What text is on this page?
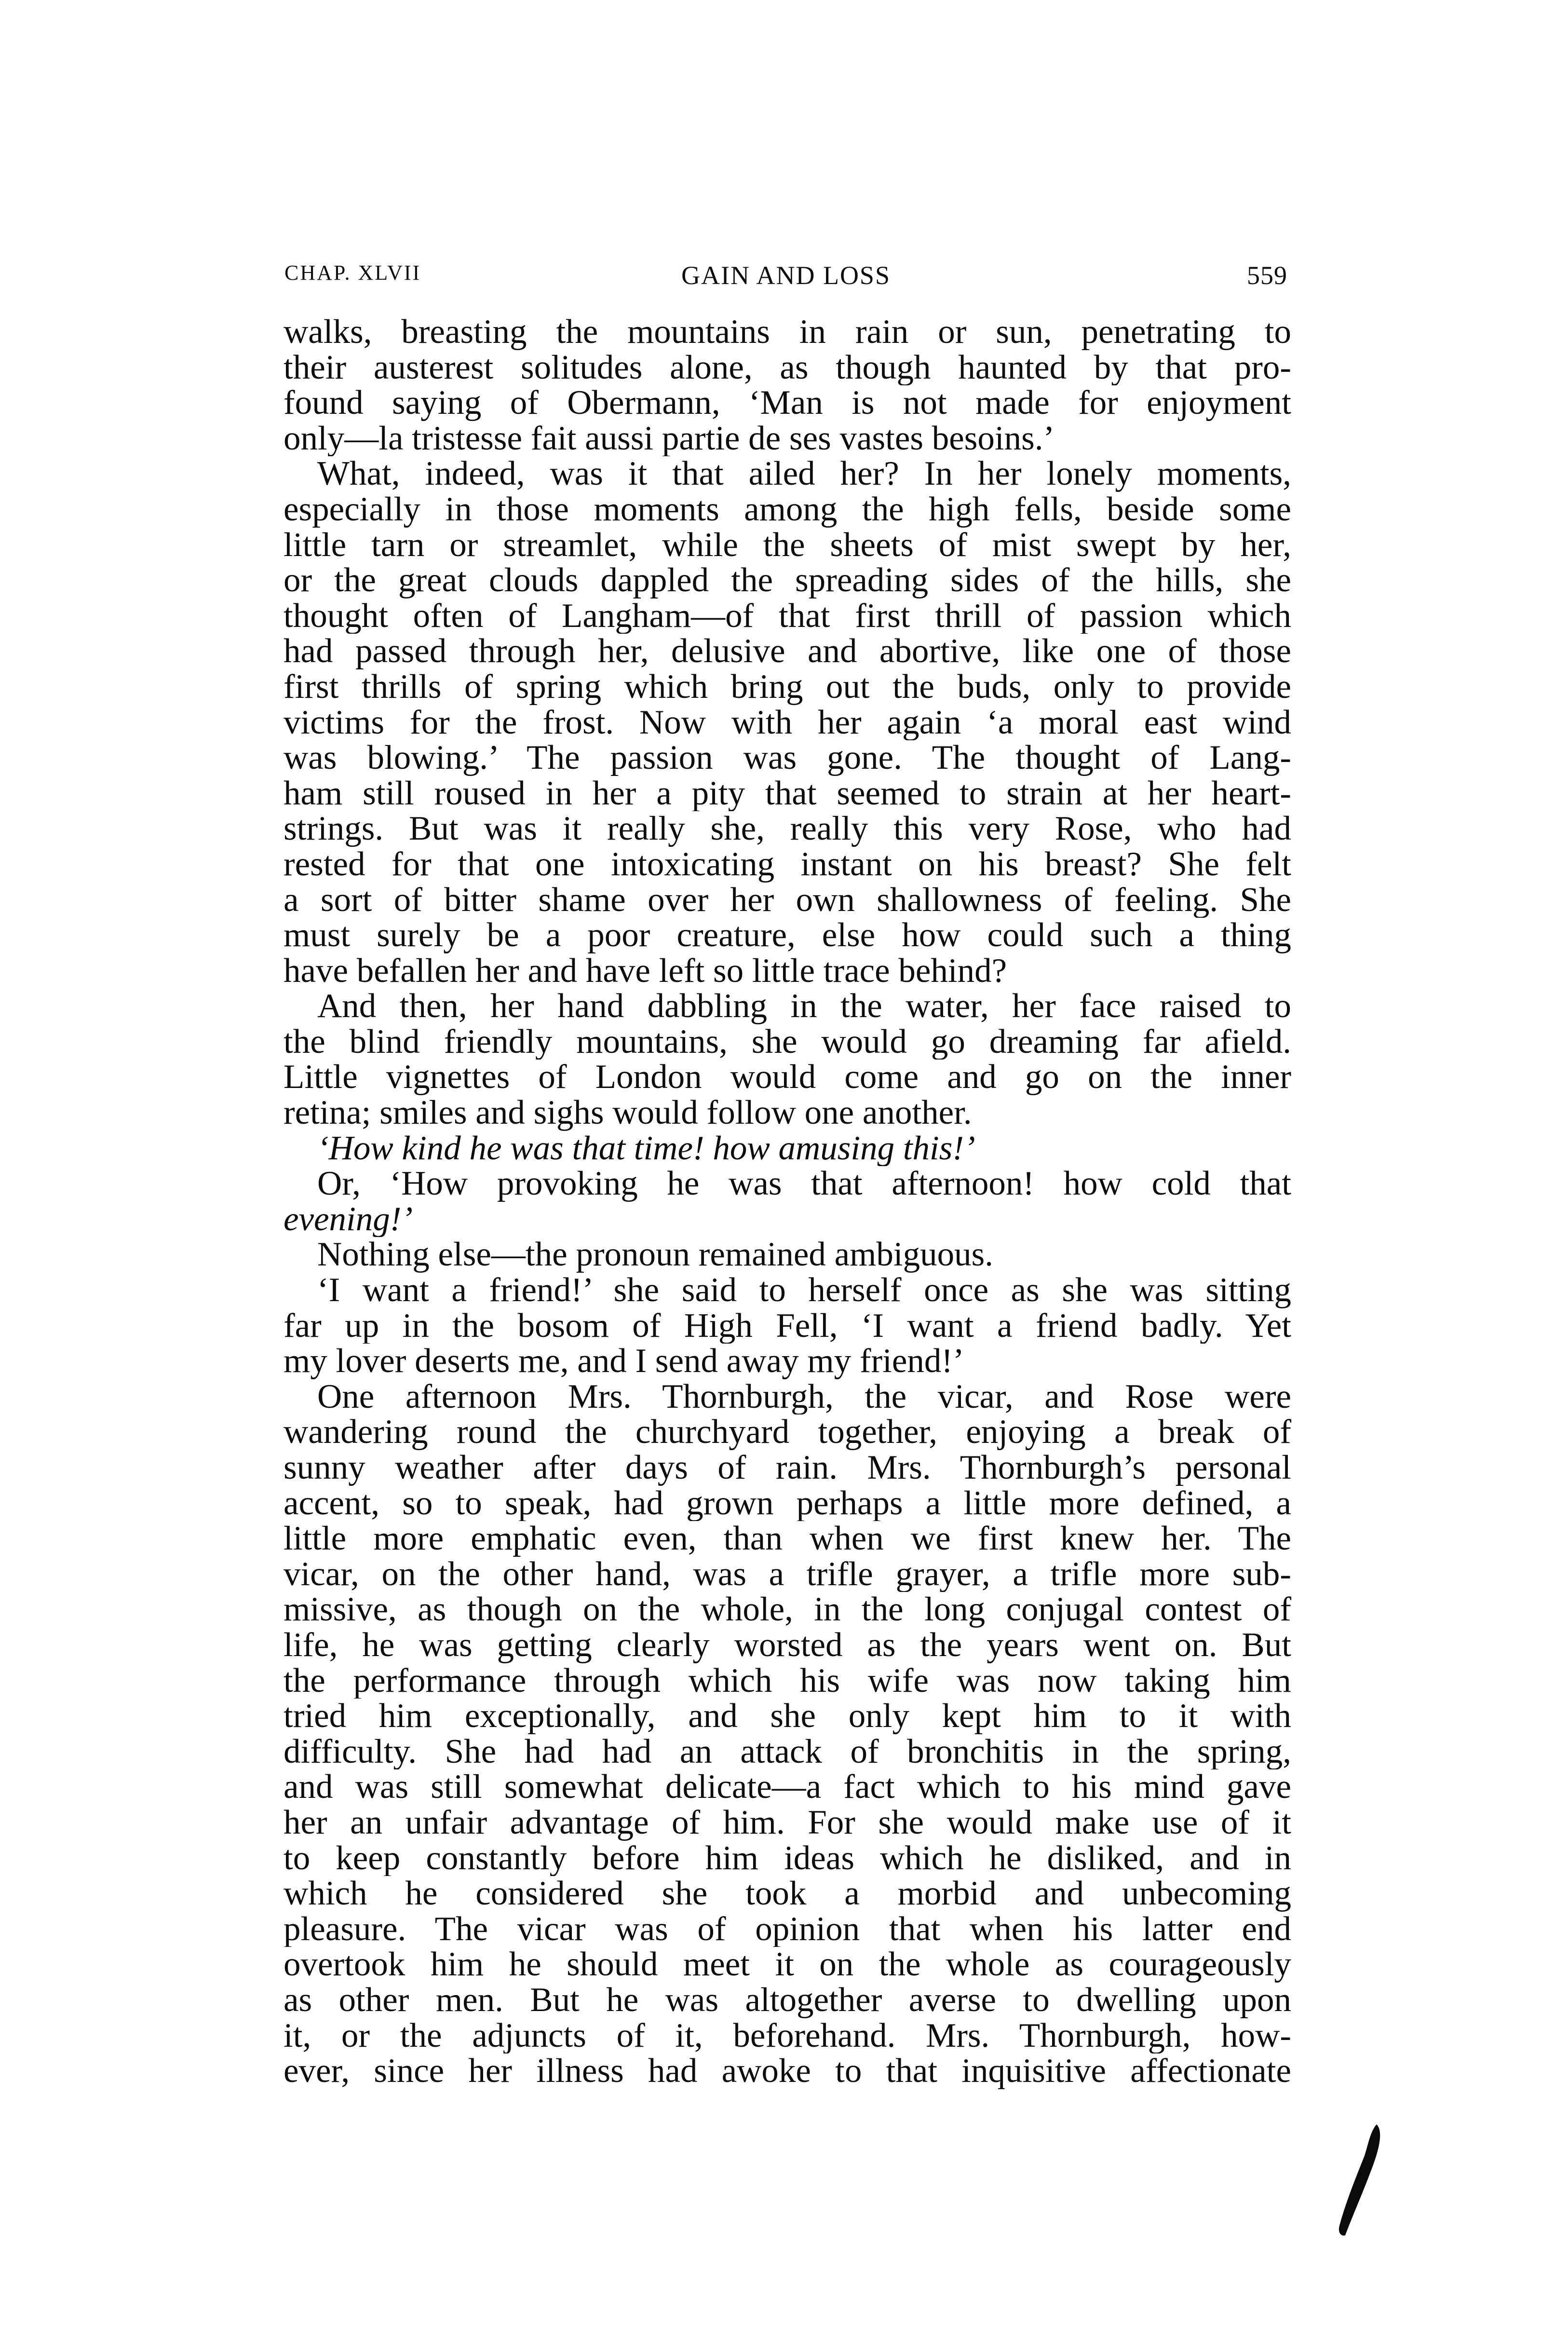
CHAP. XLVII	GAIN AND LOSS	559
walks, breasting the mountains in rain or sun, penetrating to
their austerest solitudes alone, as though haunted by that pro-
found saying of Obermann, ‘Man is not made for enjoyment
only—la tristesse fait aussi partie de ses vastes besoins.’
What, indeed, was it that ailed her? In her lonely moments,
especially in those moments among the high fells, beside some
little tarn or streamlet, while the sheets of mist swept by her,
or the great clouds dappled the spreading sides of the hills, she
thought often of Langham—of that first thrill of passion which
had passed through her, delusive and abortive, like one of those
first thrills of spring which bring out the buds, only to provide
victims for the frost. Now with her again ‘a moral east wind
was blowing.’ The passion was gone. The thought of Lang-
ham still roused in her a pity that seemed to strain at her heart-
strings. But was it really she, really this very Rose, who had
rested for that one intoxicating instant on his breast? She felt
a sort of bitter shame over her own shallowness of feeling. She
must surely be a poor creature, else how could such a thing
have befallen her and have left so little trace behind?
And then, her hand dabbling in the water, her face raised to
the blind friendly mountains, she would go dreaming far afield.
Little vignettes of London would come and go on the inner
retina; smiles and sighs would follow one another.
‘How kind he was that time! how amusing this!’
Or, ‘How provoking he was that afternoon! how cold that
evening!’
Nothing else—the pronoun remained ambiguous.
‘I want a friend!’ she said to herself once as she was sitting
far up in the bosom of High Fell, ‘I want a friend badly. Yet
my lover deserts me, and I send away my friend!’
One afternoon Mrs. Thornburgh, the vicar, and Rose were
wandering round the churchyard together, enjoying a break of
sunny weather after days of rain. Mrs. Thornburgh’s personal
accent, so to speak, had grown perhaps a little more defined, a
little more emphatic even, than when we first knew her. The
vicar, on the other hand, was a trifle grayer, a trifle more sub-
missive, as though on the whole, in the long conjugal contest of
life, he was getting clearly worsted as the years went on. But
the performance through which his wife was now taking him
tried him exceptionally, and she only kept him to it with
difficulty. She had had an attack of bronchitis in the spring,
and was still somewhat delicate—a fact which to his mind gave
her an unfair advantage of him. For she would make use of it
to keep constantly before him ideas which he disliked, and in
which he considered she took a morbid and unbecoming
pleasure. The vicar was of opinion that when his latter end
overtook him he should meet it on the whole as courageously
as other men. But he was altogether averse to dwelling upon
it, or the adjuncts of it, beforehand. Mrs. Thornburgh, how-
ever, since her illness had awoke to that inquisitive affectionate
